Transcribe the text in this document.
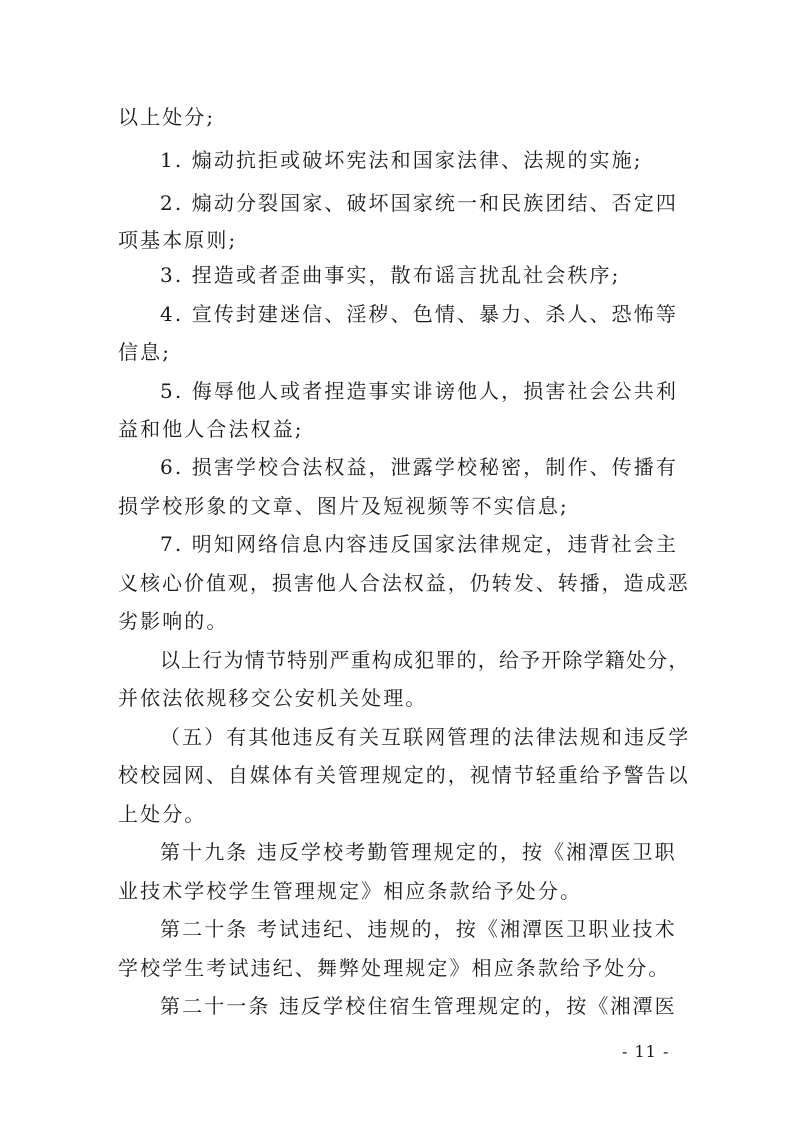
以上处分;
1. 煽动抗拒或破坏宪法和国家法律、法规的实施;
2. 煽动分裂国家、破坏国家统一和民族团结、否定四
项基本原则;
3. 捏造或者歪曲事实，散布谣言扰乱社会秩序;
4. 宣传封建迷信、淫秽、色情、暴力、杀人、恐怖等
信息;
5. 侮辱他人或者捏造事实诽谤他人，损害社会公共利
益和他人合法权益;
6. 损害学校合法权益，泄露学校秘密，制作、传播有
损学校形象的文章、图片及短视频等不实信息;
7. 明知网络信息内容违反国家法律规定，违背社会主
义核心价值观，损害他人合法权益，仍转发、转播，造成恶
劣影响的。
以上行为情节特别严重构成犯罪的，给予开除学籍处分，
并依法依规移交公安机关处理。
（五）有其他违反有关互联网管理的法律法规和违反学
校校园网、自媒体有关管理规定的，视情节轻重给予警告以
上处分。
第十九条 违反学校考勤管理规定的，按《湘潭医卫职
业技术学校学生管理规定》相应条款给予处分。
第二十条 考试违纪、违规的，按《湘潭医卫职业技术
学校学生考试违纪、舞弊处理规定》相应条款给予处分。
第二十一条 违反学校住宿生管理规定的，按《湘潭医
- 11 -
